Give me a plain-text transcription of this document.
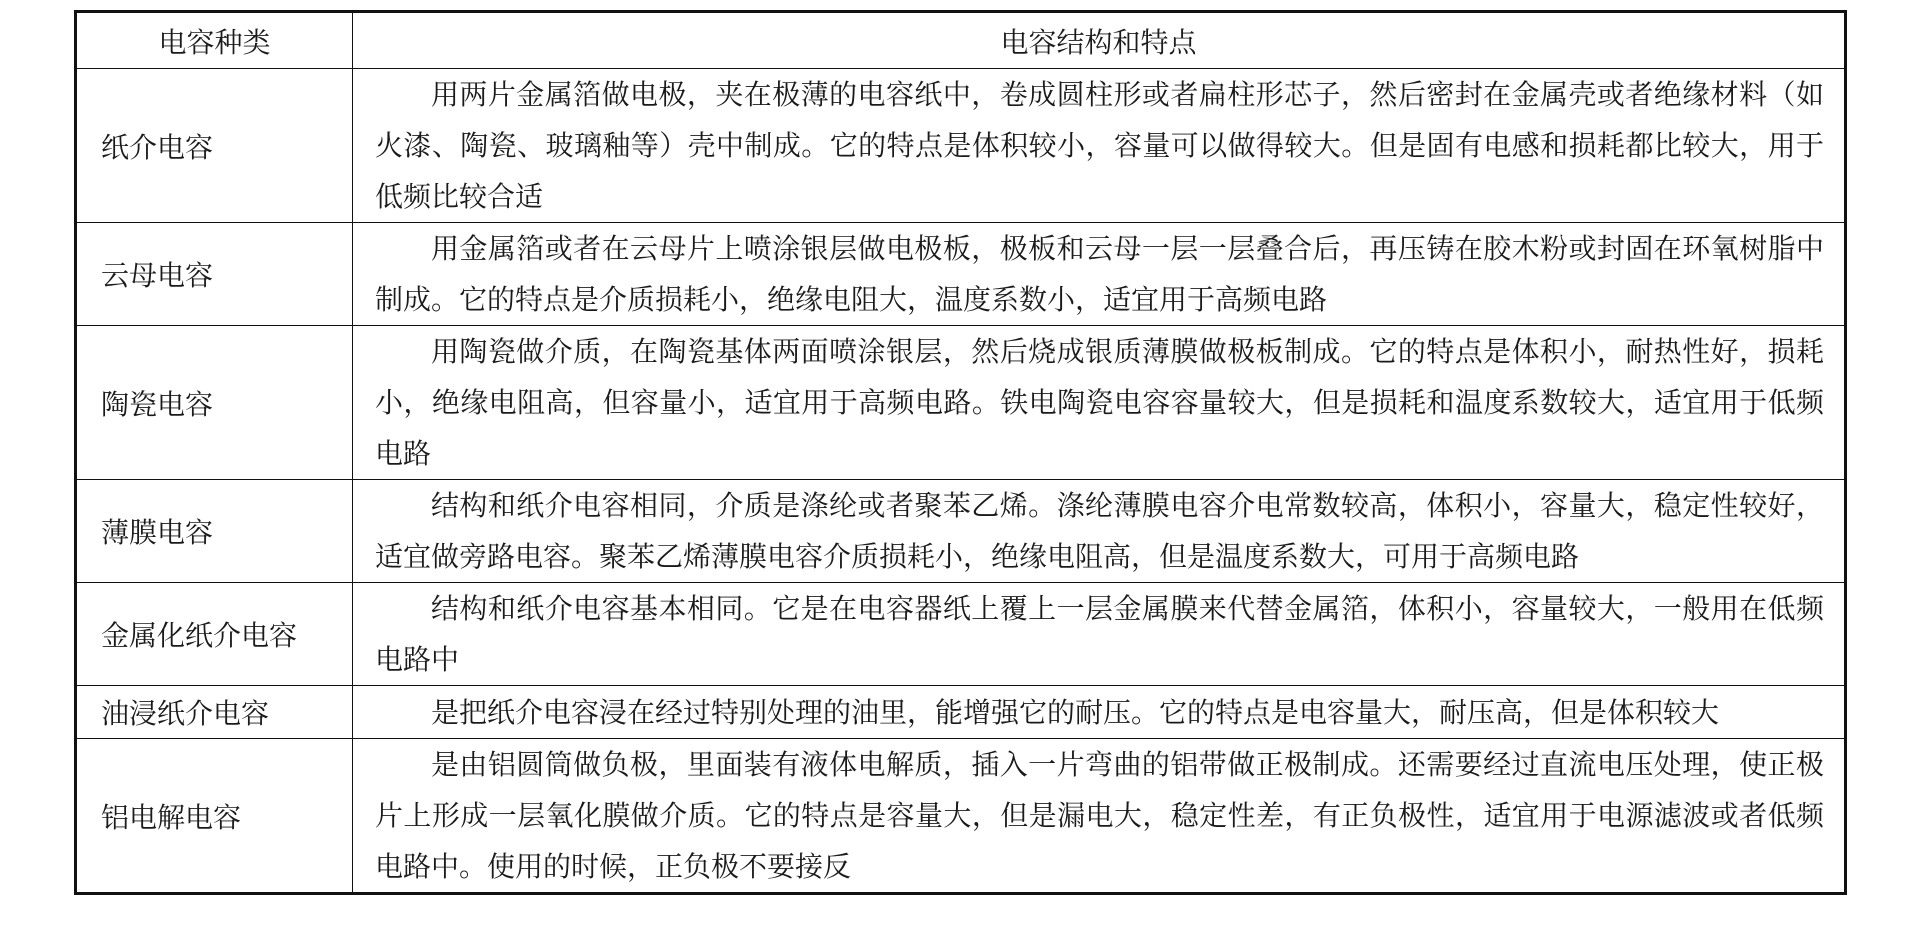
电容种类	电容结构和特点
纸介电容	用两片金属箔做电极，夹在极薄的电容纸中，卷成圆柱形或者扁柱形芯子，然后密封在金属壳或者绝缘材料（如火漆、陶瓷、玻璃釉等）壳中制成。它的特点是体积较小，容量可以做得较大。但是固有电感和损耗都比较大，用于低频比较合适
云母电容	用金属箔或者在云母片上喷涂银层做电极板，极板和云母一层一层叠合后，再压铸在胶木粉或封固在环氧树脂中制成。它的特点是介质损耗小，绝缘电阻大，温度系数小，适宜用于高频电路
陶瓷电容	用陶瓷做介质，在陶瓷基体两面喷涂银层，然后烧成银质薄膜做极板制成。它的特点是体积小，耐热性好，损耗小，绝缘电阻高，但容量小，适宜用于高频电路。铁电陶瓷电容容量较大，但是损耗和温度系数较大，适宜用于低频电路
薄膜电容	结构和纸介电容相同，介质是涤纶或者聚苯乙烯。涤纶薄膜电容介电常数较高，体积小，容量大，稳定性较好，适宜做旁路电容。聚苯乙烯薄膜电容介质损耗小，绝缘电阻高，但是温度系数大，可用于高频电路
金属化纸介电容	结构和纸介电容基本相同。它是在电容器纸上覆上一层金属膜来代替金属箔，体积小，容量较大，一般用在低频电路中
油浸纸介电容	是把纸介电容浸在经过特别处理的油里，能增强它的耐压。它的特点是电容量大，耐压高，但是体积较大
铝电解电容	是由铝圆筒做负极，里面装有液体电解质，插入一片弯曲的铝带做正极制成。还需要经过直流电压处理，使正极片上形成一层氧化膜做介质。它的特点是容量大，但是漏电大，稳定性差，有正负极性，适宜用于电源滤波或者低频电路中。使用的时候，正负极不要接反
